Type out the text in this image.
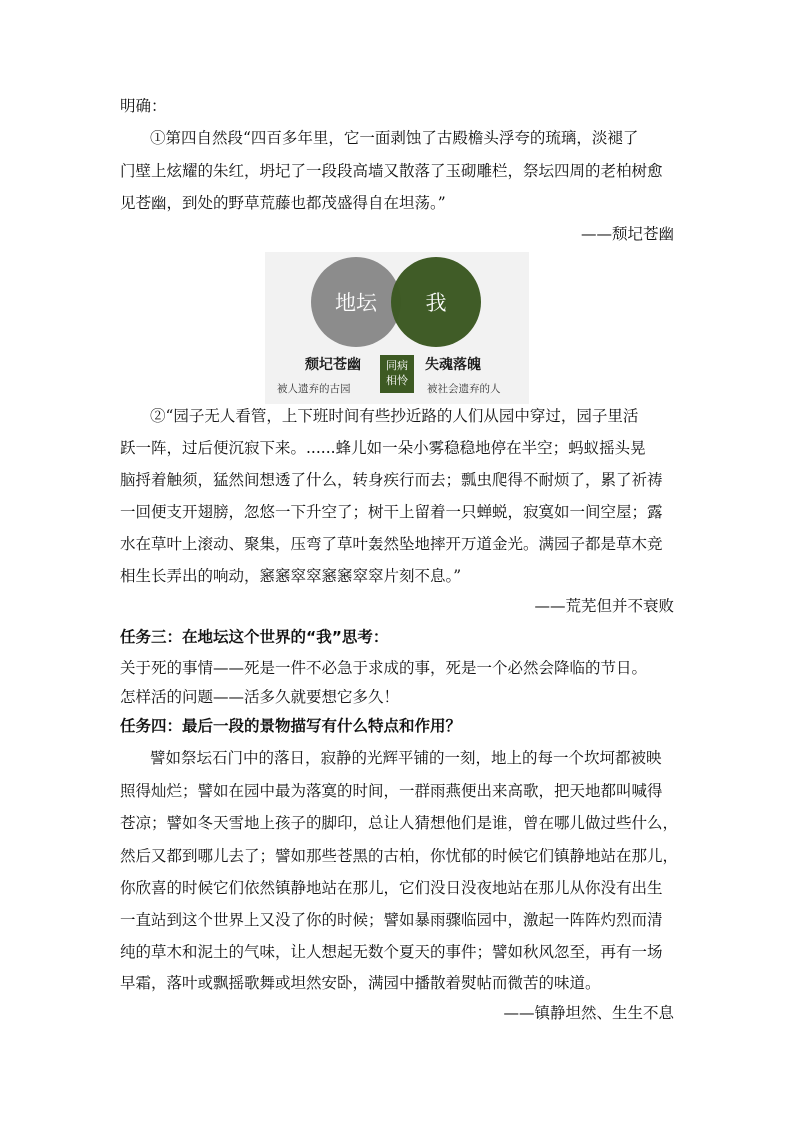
明确：
①第四自然段“四百多年里，它一面剥蚀了古殿檐头浮夸的琉璃，淡褪了
门壁上炫耀的朱红，坍圮了一段段高墙又散落了玉砌雕栏，祭坛四周的老柏树愈
见苍幽，到处的野草荒藤也都茂盛得自在坦荡。”
——颓圮苍幽
地坛 我
颓圮苍幽	失魂落魄
同病
相怜
被人遗弃的古园	被社会遗弃的人
②“园子无人看管，上下班时间有些抄近路的人们从园中穿过，园子里活
跃一阵，过后便沉寂下来。......蜂儿如一朵小雾稳稳地停在半空；蚂蚁摇头晃
脑捋着触须，猛然间想透了什么，转身疾行而去；瓢虫爬得不耐烦了，累了祈祷
一回便支开翅膀，忽悠一下升空了；树干上留着一只蝉蜕，寂寞如一间空屋；露
水在草叶上滚动、聚集，压弯了草叶轰然坠地摔开万道金光。满园子都是草木竞
相生长弄出的响动，窸窸窣窣窸窸窣窣片刻不息。”
——荒芜但并不衰败
任务三：在地坛这个世界的“我”思考：
关于死的事情——死是一件不必急于求成的事，死是一个必然会降临的节日。
怎样活的问题——活多久就要想它多久！
任务四：最后一段的景物描写有什么特点和作用？
譬如祭坛石门中的落日，寂静的光辉平铺的一刻，地上的每一个坎坷都被映
照得灿烂；譬如在园中最为落寞的时间，一群雨燕便出来高歌，把天地都叫喊得
苍凉；譬如冬天雪地上孩子的脚印，总让人猜想他们是谁，曾在哪儿做过些什么，
然后又都到哪儿去了；譬如那些苍黑的古柏，你忧郁的时候它们镇静地站在那儿，
你欣喜的时候它们依然镇静地站在那儿，它们没日没夜地站在那儿从你没有出生
一直站到这个世界上又没了你的时候；譬如暴雨骤临园中，激起一阵阵灼烈而清
纯的草木和泥土的气味，让人想起无数个夏天的事件；譬如秋风忽至，再有一场
早霜，落叶或飘摇歌舞或坦然安卧，满园中播散着熨帖而微苦的味道。
——镇静坦然、生生不息
